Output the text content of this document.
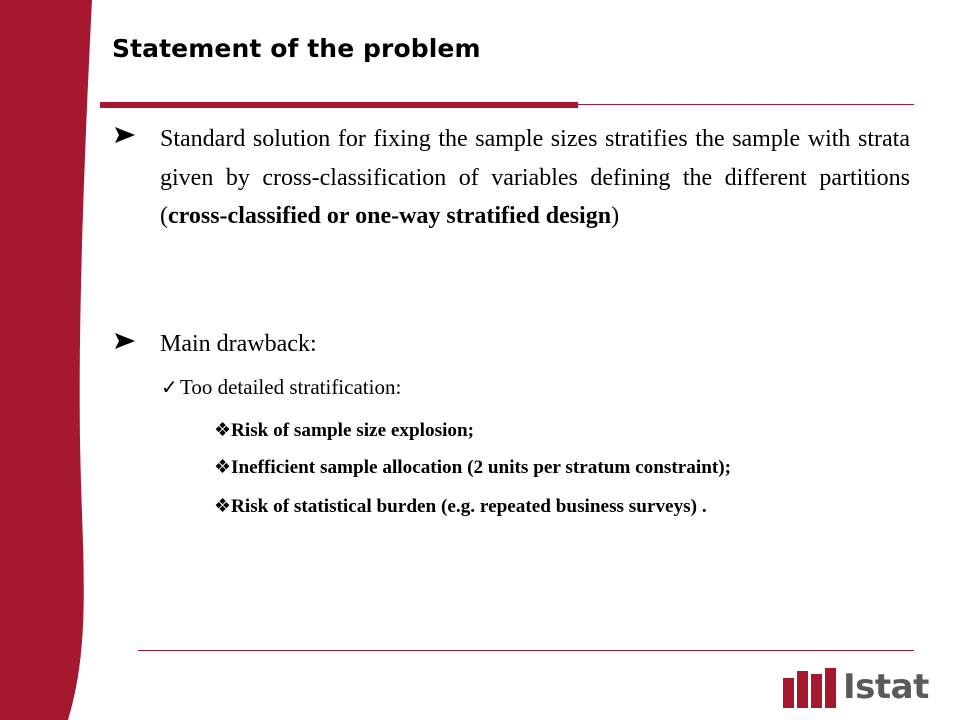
Statement of the problem
Standard solution for fixing the sample sizes stratifies the sample with strata given by cross-classification of variables defining the different partitions (cross-classified or one-way stratified design)
Main drawback:
✓ Too detailed stratification:
❖Risk of sample size explosion;
❖Inefficient sample allocation (2 units per stratum constraint);
❖Risk of statistical burden (e.g. repeated business surveys) .
Istat
